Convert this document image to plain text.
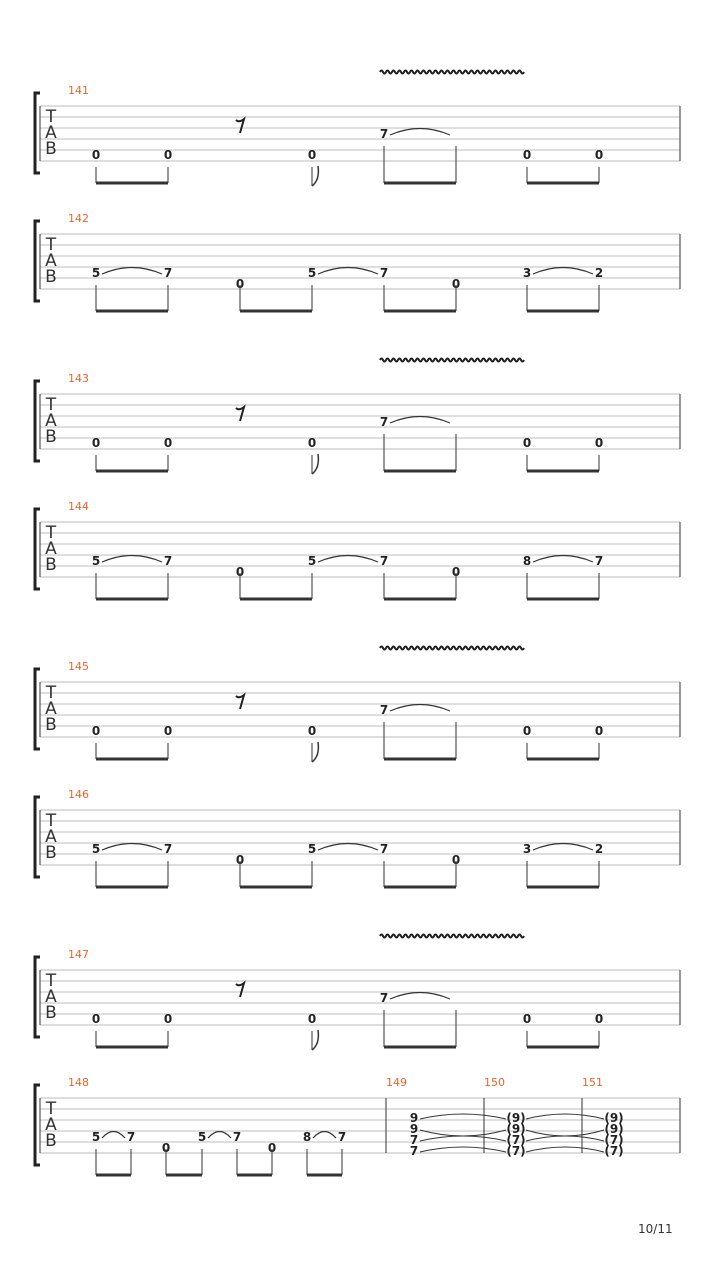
T
A
B
141
0	0	0
7
0	0
T
A
B
142
5	7
0
5	7
0
3	2
T
A
B
143
0	0	0
7
0	0
T
A
B
144
5	7
0
5	7
0
8	7
T
A
B
145
0	0	0
7
0	0
T
A
B
146
5	7
0
5	7
0
3	2
T
A
B
147
0	0	0
7
0	0
T
A
B
148	149	150	151
5 7
0
5 7
0
8 7
9
9
7
7
(9)
(9)
(7)
(7)
(9)
(9)
(7)
(7)
10/11
